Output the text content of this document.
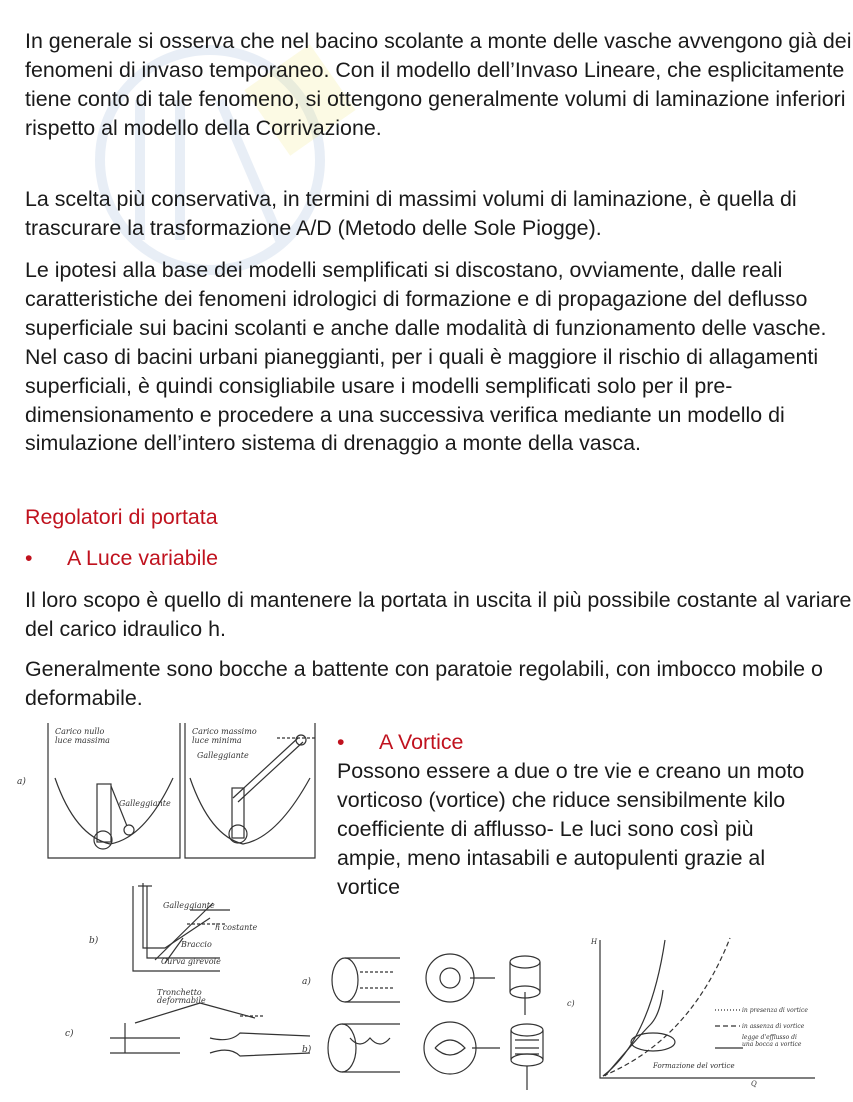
In generale si osserva che nel bacino scolante a monte delle vasche avvengono già dei fenomeni di invaso temporaneo. Con il modello dell’Invaso Lineare, che esplicitamente tiene conto di tale fenomeno, si ottengono generalmente volumi di laminazione inferiori rispetto al modello della Corrivazione.

La scelta più conservativa, in termini di massimi volumi di laminazione, è quella di trascurare la trasformazione A/D (Metodo delle Sole Piogge).

Le ipotesi alla base dei modelli semplificati si discostano, ovviamente, dalle reali caratteristiche dei fenomeni idrologici di formazione e di propagazione del deflusso superficiale sui bacini scolanti e anche dalle modalità di funzionamento delle vasche. Nel caso di bacini urbani pianeggianti, per i quali è maggiore il rischio di allagamenti superficiali, è quindi consigliabile usare i modelli semplificati solo per il pre-dimensionamento e procedere a una successiva verifica mediante un modello di simulazione dell’intero sistema di drenaggio a monte della vasca.

Regolatori di portata
• A Luce variabile

Il loro scopo è quello di mantenere la portata in uscita il più possibile costante al variare del carico idraulico h.

Generalmente sono bocche a battente con paratoie regolabili, con imbocco mobile o deformabile.

• A Vortice

Possono essere a due o tre vie e creano un moto vorticoso (vortice) che riduce sensibilmente kilo coefficiente di afflusso- Le luci sono così più ampie, meno intasabili e autopulenti grazie al vortice

a)
b)
c)
Carico nullo
luce massima
Carico massimo
luce minima
Galleggiante
Galleggiante
Galleggiante
h costante
Braccio
Curva girevole
Tronchetto
deformabile
a)
b)
H
Q
c)
in presenza di vortice
in assenza di vortice
legge d'efflusso di
una bocca a vortice
Formazione del vortice
